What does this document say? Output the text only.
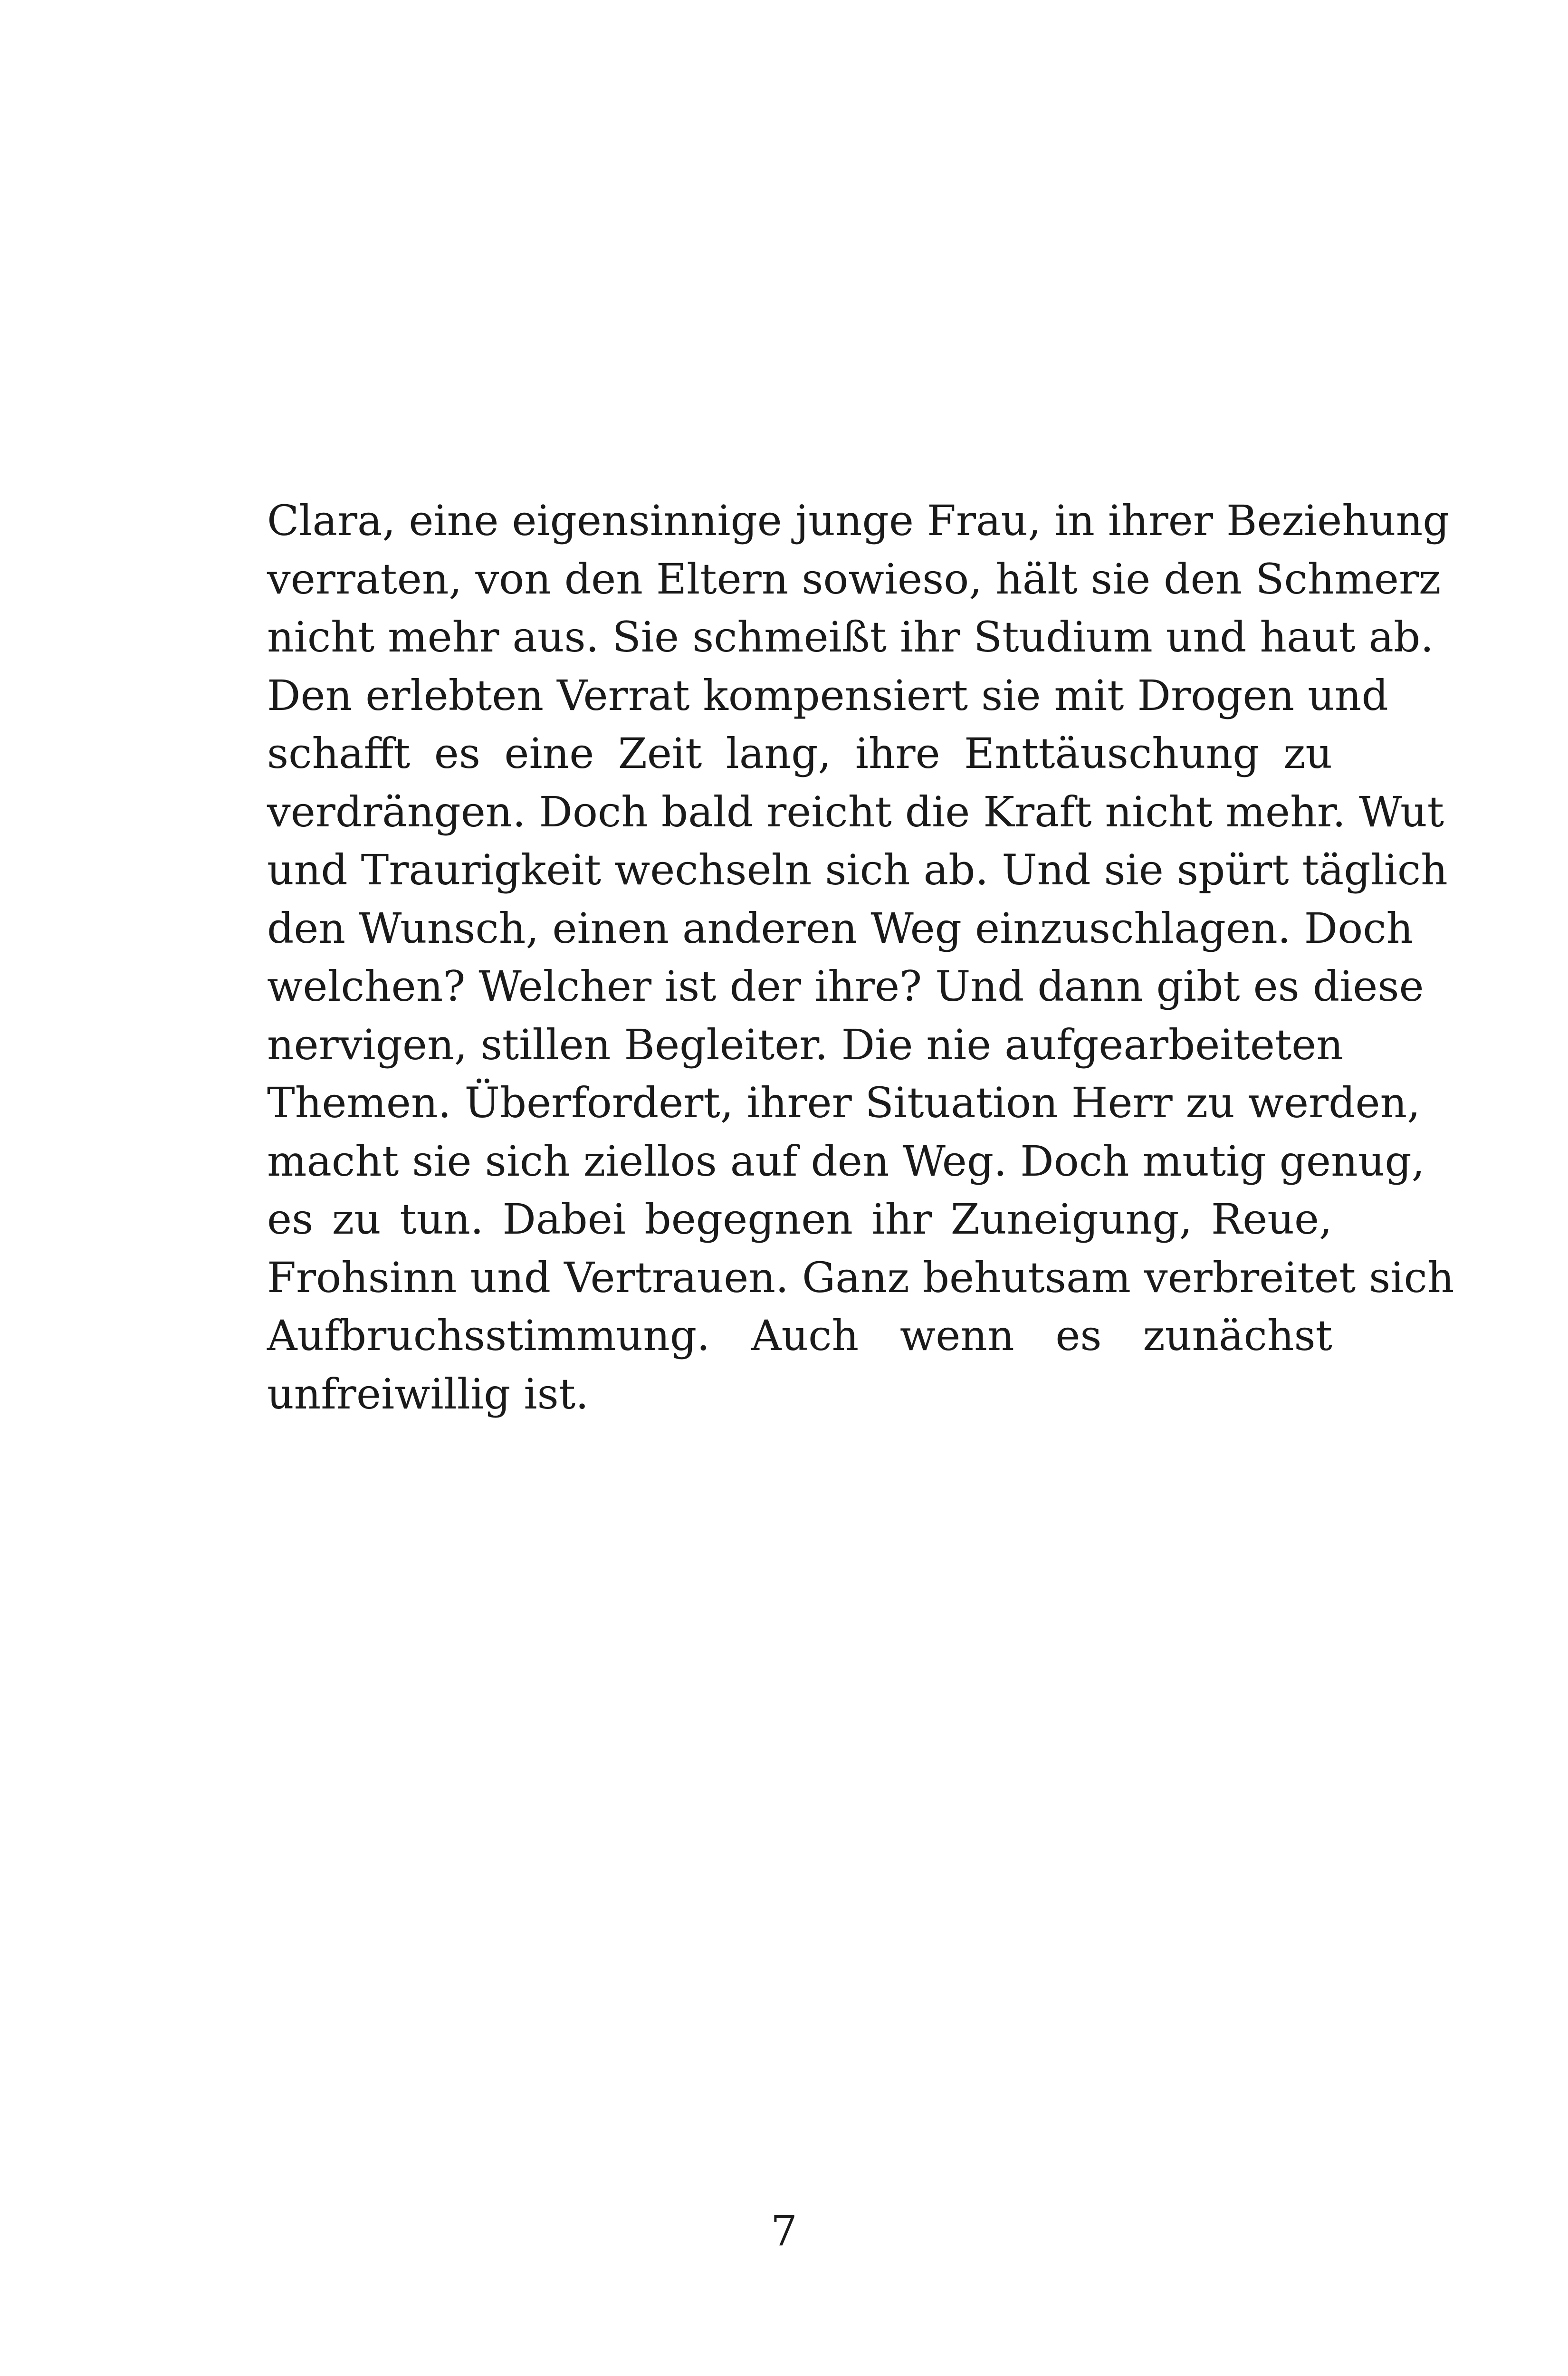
Clara, eine eigensinnige junge Frau, in ihrer Beziehung
verraten, von den Eltern sowieso, hält sie den Schmerz
nicht mehr aus. Sie schmeißt ihr Studium und haut ab.
Den erlebten Verrat kompensiert sie mit Drogen und
schafft es eine Zeit lang, ihre Enttäuschung zu
verdrängen. Doch bald reicht die Kraft nicht mehr. Wut
und Traurigkeit wechseln sich ab. Und sie spürt täglich
den Wunsch, einen anderen Weg einzuschlagen. Doch
welchen? Welcher ist der ihre? Und dann gibt es diese
nervigen, stillen Begleiter. Die nie aufgearbeiteten
Themen. Überfordert, ihrer Situation Herr zu werden,
macht sie sich ziellos auf den Weg. Doch mutig genug,
es zu tun. Dabei begegnen ihr Zuneigung, Reue,
Frohsinn und Vertrauen. Ganz behutsam verbreitet sich
Aufbruchsstimmung. Auch wenn es zunächst
unfreiwillig ist.
7
